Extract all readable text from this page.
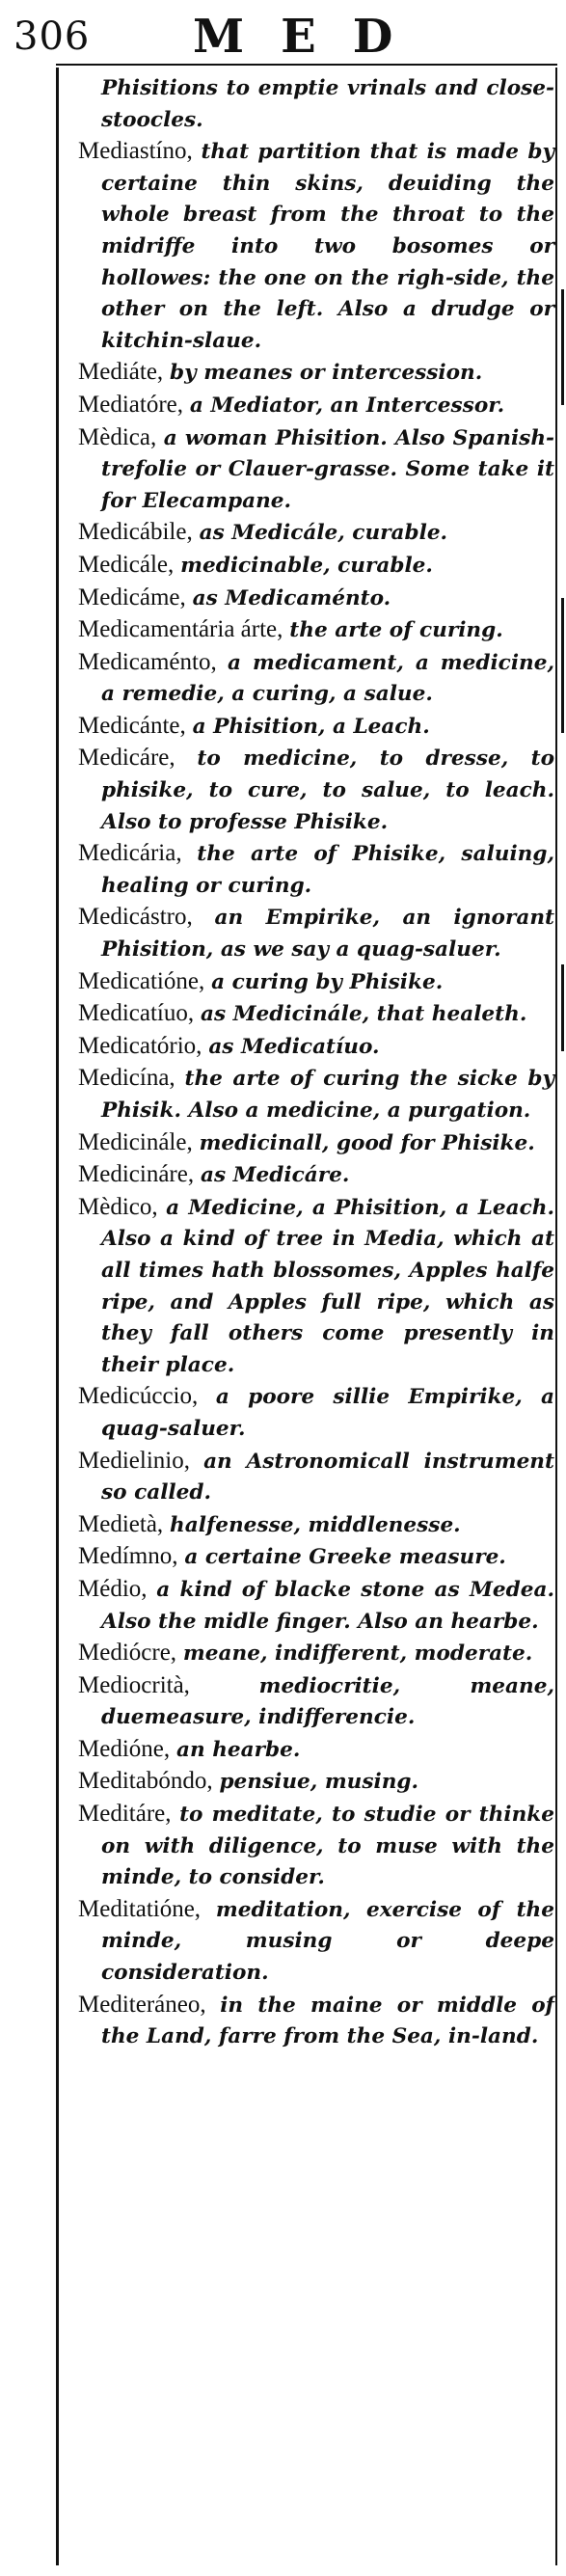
306 MED

Phisitions to emptie vrinals and close-stoocles.

Mediastíno, that partition that is made by certaine thin skins, deuiding the whole breast from the throat to the midriffe into two bosomes or hollowes: the one on the righ-side, the other on the left. Also a drudge or kitchin-slaue.

Mediáte, by meanes or intercession.

Mediatóre, a Mediator, an Intercessor.

Mèdica, a woman Phisition. Also Spanish-trefolie or Clauer-grasse. Some take it for Elecampane.

Medicábile, as Medicále, curable.

Medicále, medicinable, curable.

Medicáme, as Medicaménto.

Medicamentária árte, the arte of curing.

Medicaménto, a medicament, a medicine, a remedie, a curing, a salue.

Medicánte, a Phisition, a Leach.

Medicáre, to medicine, to dresse, to phisike, to cure, to salue, to leach. Also to professe Phisike.

Medicária, the arte of Phisike, saluing, healing or curing.

Medicástro, an Empirike, an ignorant Phisition, as we say a quag-saluer.

Medicatióne, a curing by Phisike.

Medicatíuo, as Medicinále, that healeth.

Medicatório, as Medicatíuo.

Medicína, the arte of curing the sicke by Phisik. Also a medicine, a purgation.

Medicinále, medicinall, good for Phisike.

Medicináre, as Medicáre.

Mèdico, a Medicine, a Phisition, a Leach. Also a kind of tree in Media, which at all times hath blossomes, Apples halfe ripe, and Apples full ripe, which as they fall others come presently in their place.

Medicúccio, a poore sillie Empirike, a quag-saluer.

Medielinio, an Astronomicall instrument so called.

Medietà, halfenesse, middlenesse.

Medímno, a certaine Greeke measure.

Médio, a kind of blacke stone as Medea. Also the midle finger. Also an hearbe.

Mediócre, meane, indifferent, moderate.

Mediocrità,	mediocritie, meane, duemeasure, indifferencie.

Medióne, an hearbe.

Meditabóndo, pensiue, musing.

Meditáre, to meditate, to studie or thinke on with diligence, to muse with the minde, to consider.

Meditatióne, meditation, exercise of the minde, musing or deepe consideration.

Mediteráneo, in the maine or middle of the Land, farre from the Sea, in-land.
